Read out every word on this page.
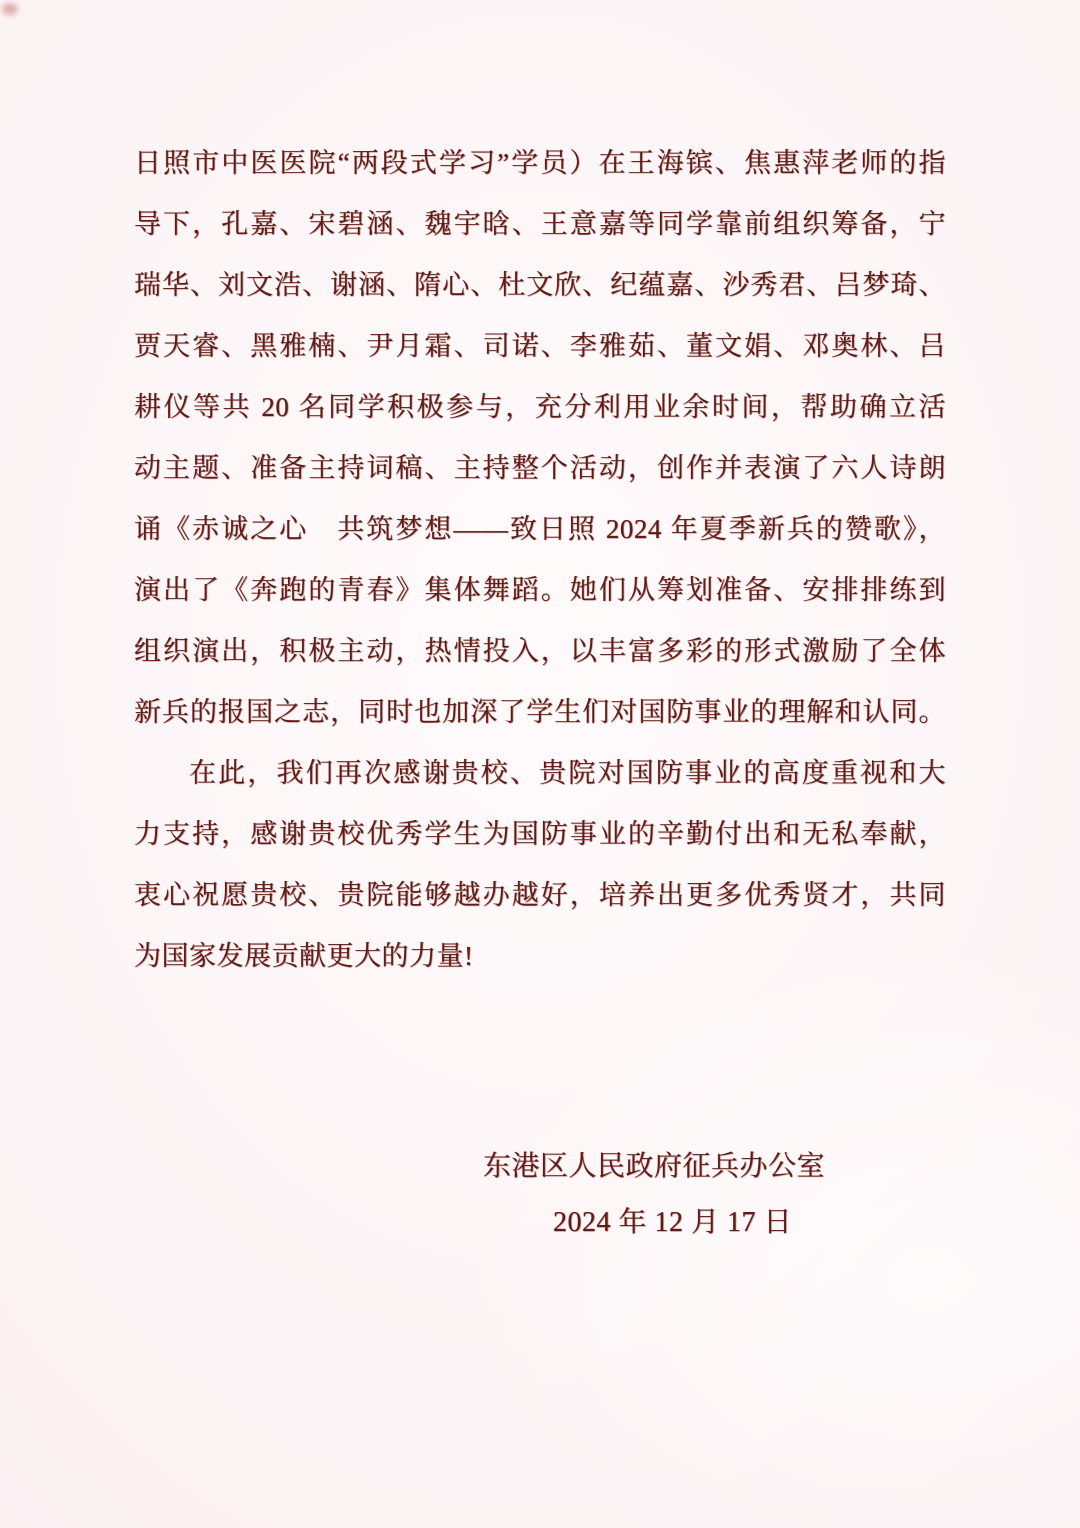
日照市中医医院“两段式学习”学员）在王海镔、焦惠萍老师的指
导下，孔嘉、宋碧涵、魏宇晗、王意嘉等同学靠前组织筹备，宁
瑞华、刘文浩、谢涵、隋心、杜文欣、纪蕴嘉、沙秀君、吕梦琦、
贾天睿、黑雅楠、尹月霜、司诺、李雅茹、董文娟、邓奥林、吕
耕仪等共 20 名同学积极参与，充分利用业余时间，帮助确立活
动主题、准备主持词稿、主持整个活动，创作并表演了六人诗朗
诵《赤诚之心　共筑梦想——致日照 2024 年夏季新兵的赞歌》，
演出了《奔跑的青春》集体舞蹈。她们从筹划准备、安排排练到
组织演出，积极主动，热情投入，以丰富多彩的形式激励了全体
新兵的报国之志，同时也加深了学生们对国防事业的理解和认同。
在此，我们再次感谢贵校、贵院对国防事业的高度重视和大
力支持，感谢贵校优秀学生为国防事业的辛勤付出和无私奉献，
衷心祝愿贵校、贵院能够越办越好，培养出更多优秀贤才，共同
为国家发展贡献更大的力量!
东港区人民政府征兵办公室
2024 年 12 月 17 日
